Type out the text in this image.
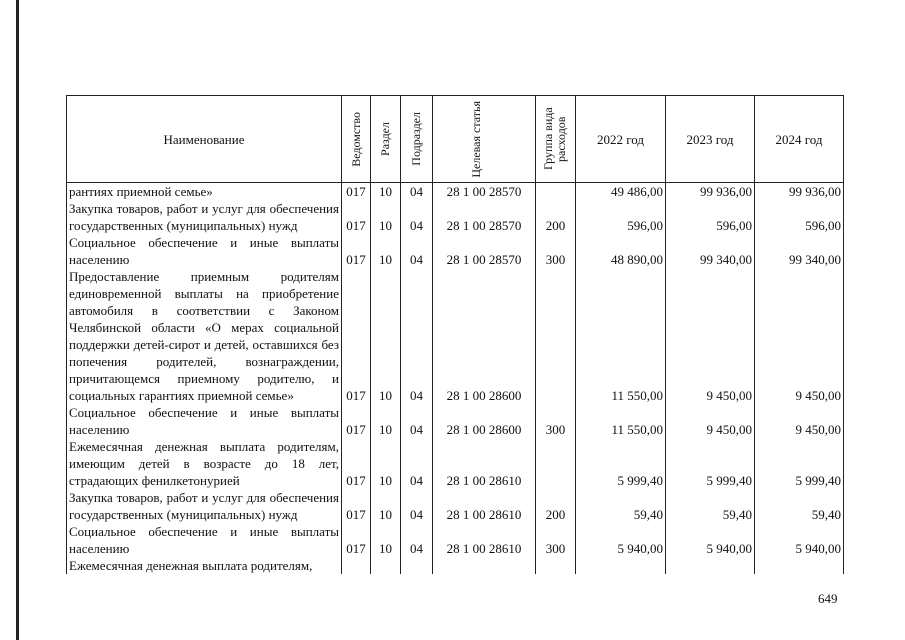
Наименование	Ведомство	Раздел	Подраздел	Целевая статья	Группа вида расходов	2022 год	2023 год	2024 год
рантиях приемной семье»	017	10	04	28 1 00 28570		49 486,00	99 936,00	99 936,00
Закупка товаров, работ и услуг для обеспечения государственных (муниципальных) нужд	017	10	04	28 1 00 28570	200	596,00	596,00	596,00
Социальное обеспечение и иные выплаты населению	017	10	04	28 1 00 28570	300	48 890,00	99 340,00	99 340,00
Предоставление приемным родителям единовременной выплаты на приобретение автомобиля в соответствии с Законом Челябинской области «О мерах социальной поддержки детей-сирот и детей, оставшихся без попечения родителей, вознаграждении, причитающемся приемному родителю, и социальных гарантиях приемной семье»	017	10	04	28 1 00 28600		11 550,00	9 450,00	9 450,00
Социальное обеспечение и иные выплаты населению	017	10	04	28 1 00 28600	300	11 550,00	9 450,00	9 450,00
Ежемесячная денежная выплата родителям, имеющим детей в возрасте до 18 лет, страдающих фенилкетонурией	017	10	04	28 1 00 28610		5 999,40	5 999,40	5 999,40
Закупка товаров, работ и услуг для обеспечения государственных (муниципальных) нужд	017	10	04	28 1 00 28610	200	59,40	59,40	59,40
Социальное обеспечение и иные выплаты населению	017	10	04	28 1 00 28610	300	5 940,00	5 940,00	5 940,00
Ежемесячная денежная выплата родителям,								
649
